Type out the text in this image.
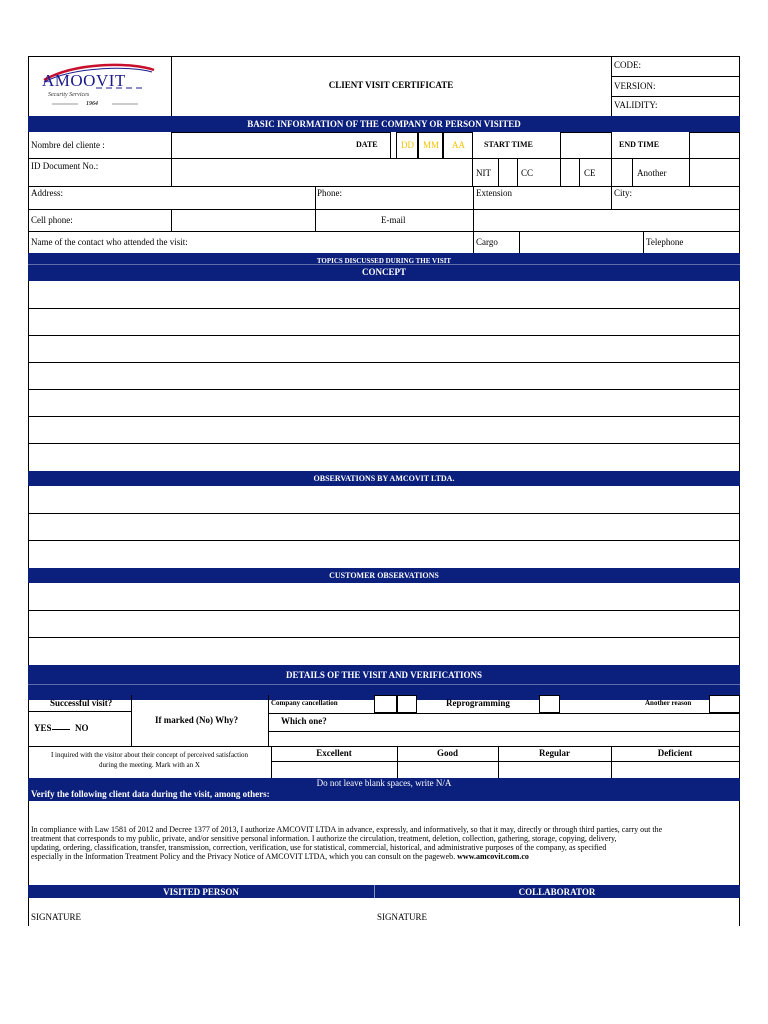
AMOOVIT
Security Services
1964
CLIENT VISIT CERTIFICATE
CODE:
VERSION:
VALIDITY:
BASIC INFORMATION OF THE COMPANY OR PERSON VISITED
Nombre del cliente :	DATE	DD MM AA START TIME	END TIME
ID Document No.:
NIT	CC	CE	Another
Address:	Phone:	Extension	City:
Cell phone:	E-mail
Name of the contact who attended the visit:	Cargo	Telephone
TOPICS DISCUSSED DURING THE VISIT
CONCEPT
OBSERVATIONS BY AMCOVIT LTDA.
CUSTOMER OBSERVATIONS
DETAILS OF THE VISIT AND VERIFICATIONS
Successful visit?
YES	NO
If marked (No) Why?
Company cancellation	Reprogramming	Another reason
Which one?
I inquired with the visitor about their concept of perceived satisfaction
during the meeting. Mark with an X
Excellent	Good	Regular	Deficient
Do not leave blank spaces, write N/A
Verify the following client data during the visit, among others:
In compliance with Law 1581 of 2012 and Decree 1377 of 2013, I authorize AMCOVIT LTDA in advance, expressly, and informatively, so that it may, directly or through third parties, carry out the
treatment that corresponds to my public, private, and/or sensitive personal information. I authorize the circulation, treatment, deletion, collection, gathering, storage, copying, delivery,
updating, ordering, classification, transfer, transmission, correction, verification, use for statistical, commercial, historical, and administrative purposes of the company, as specified
especially in the Information Treatment Policy and the Privacy Notice of AMCOVIT LTDA, which you can consult on the pageweb. www.amcovit.com.co
VISITED PERSON	COLLABORATOR
SIGNATURE	SIGNATURE
